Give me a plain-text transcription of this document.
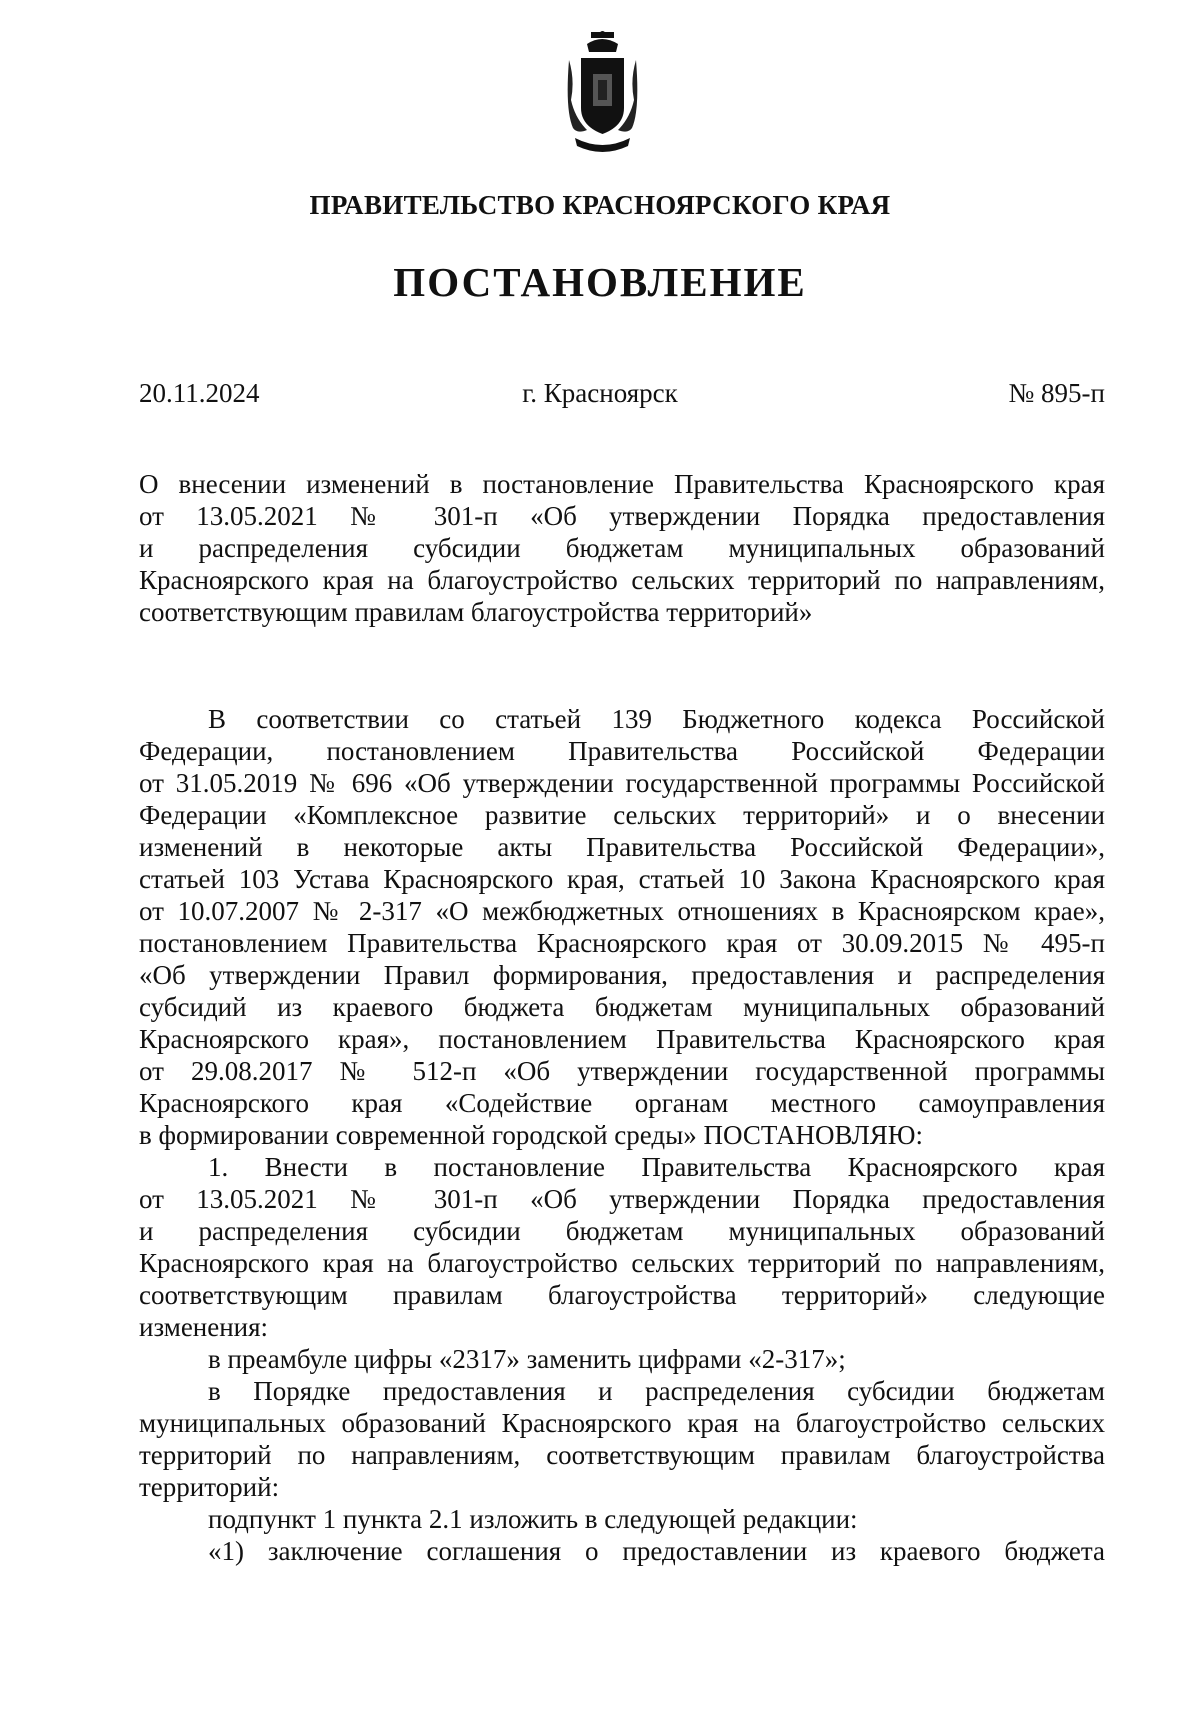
ПРАВИТЕЛЬСТВО КРАСНОЯРСКОГО КРАЯ
ПОСТАНОВЛЕНИЕ
20.11.2024	г. Красноярск	№ 895-п
О внесении изменений в постановление Правительства Красноярского края
от 13.05.2021 № 301-п «Об утверждении Порядка предоставления
и распределения субсидии бюджетам муниципальных образований
Красноярского края на благоустройство сельских территорий по направлениям,
соответствующим правилам благоустройства территорий»
В соответствии со статьей 139 Бюджетного кодекса Российской
Федерации, постановлением Правительства Российской Федерации
от 31.05.2019 № 696 «Об утверждении государственной программы Российской
Федерации «Комплексное развитие сельских территорий» и о внесении
изменений в некоторые акты Правительства Российской Федерации»,
статьей 103 Устава Красноярского края, статьей 10 Закона Красноярского края
от 10.07.2007 № 2-317 «О межбюджетных отношениях в Красноярском крае»,
постановлением Правительства Красноярского края от 30.09.2015 № 495-п
«Об утверждении Правил формирования, предоставления и распределения
субсидий из краевого бюджета бюджетам муниципальных образований
Красноярского края», постановлением Правительства Красноярского края
от 29.08.2017 № 512-п «Об утверждении государственной программы
Красноярского края «Содействие органам местного самоуправления
в формировании современной городской среды» ПОСТАНОВЛЯЮ:
1. Внести в постановление Правительства Красноярского края
от 13.05.2021 № 301-п «Об утверждении Порядка предоставления
и распределения субсидии бюджетам муниципальных образований
Красноярского края на благоустройство сельских территорий по направлениям,
соответствующим правилам благоустройства территорий» следующие
изменения:
в преамбуле цифры «2317» заменить цифрами «2-317»;
в Порядке предоставления и распределения субсидии бюджетам
муниципальных образований Красноярского края на благоустройство сельских
территорий по направлениям, соответствующим правилам благоустройства
территорий:
подпункт 1 пункта 2.1 изложить в следующей редакции:
«1) заключение соглашения о предоставлении из краевого бюджета
